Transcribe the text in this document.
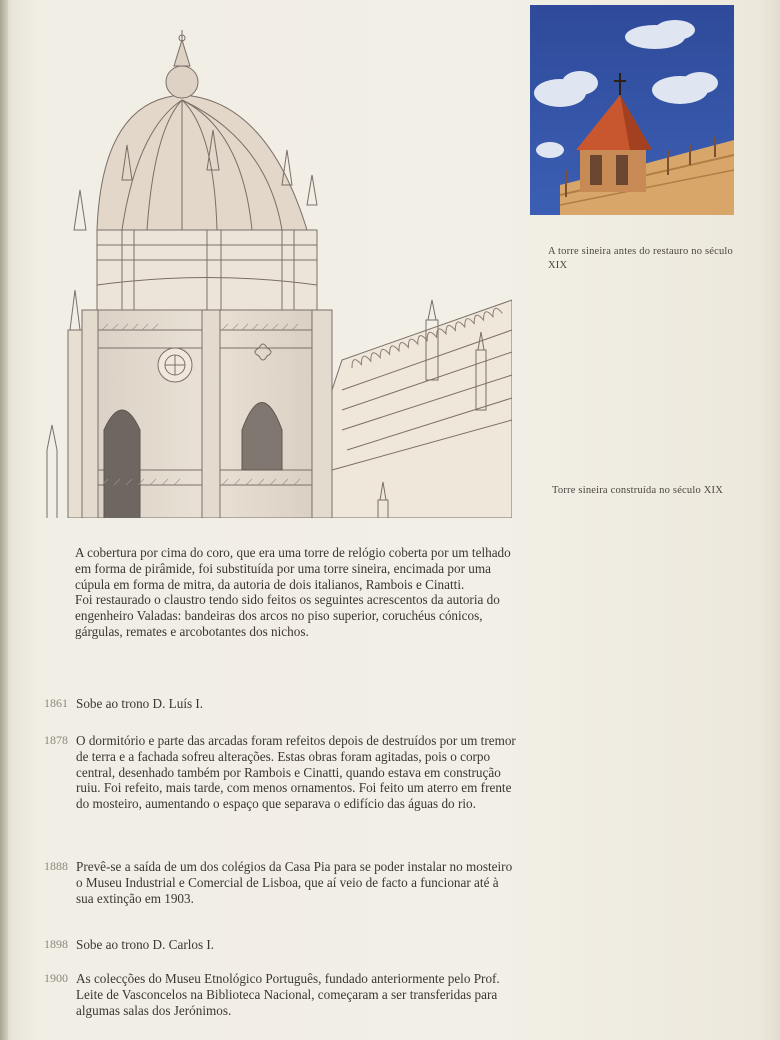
A torre sineira antes do restauro no século XIX
Torre sineira construída no século XIX

A cobertura por cima do coro, que era uma torre de relógio coberta por um telhado em forma de pirâmide, foi substituída por uma torre sineira, encimada por uma cúpula em forma de mitra, da autoria de dois italianos, Rambois e Cinatti.

Foi restaurado o claustro tendo sido feitos os seguintes acrescentos da autoria do engenheiro Valadas: bandeiras dos arcos no piso superior, coruchéus cónicos, gárgulas, remates e arcobotantes dos nichos.

1861 Sobe ao trono D. Luís I.
1878 O dormitório e parte das arcadas foram refeitos depois de destruídos por um tremor de terra e a fachada sofreu alterações. Estas obras foram agitadas, pois o corpo central, desenhado também por Rambois e Cinatti, quando estava em construção ruiu. Foi refeito, mais tarde, com menos ornamentos. Foi feito um aterro em frente do mosteiro, aumentando o espaço que separava o edifício das águas do rio.
1888 Prevê-se a saída de um dos colégios da Casa Pia para se poder instalar no mosteiro o Museu Industrial e Comercial de Lisboa, que aí veio de facto a funcionar até à sua extinção em 1903.
1898 Sobe ao trono D. Carlos I.
1900 As colecções do Museu Etnológico Português, fundado anteriormente pelo Prof. Leite de Vasconcelos na Biblioteca Nacional, começaram a ser transferidas para algumas salas dos Jerónimos.
